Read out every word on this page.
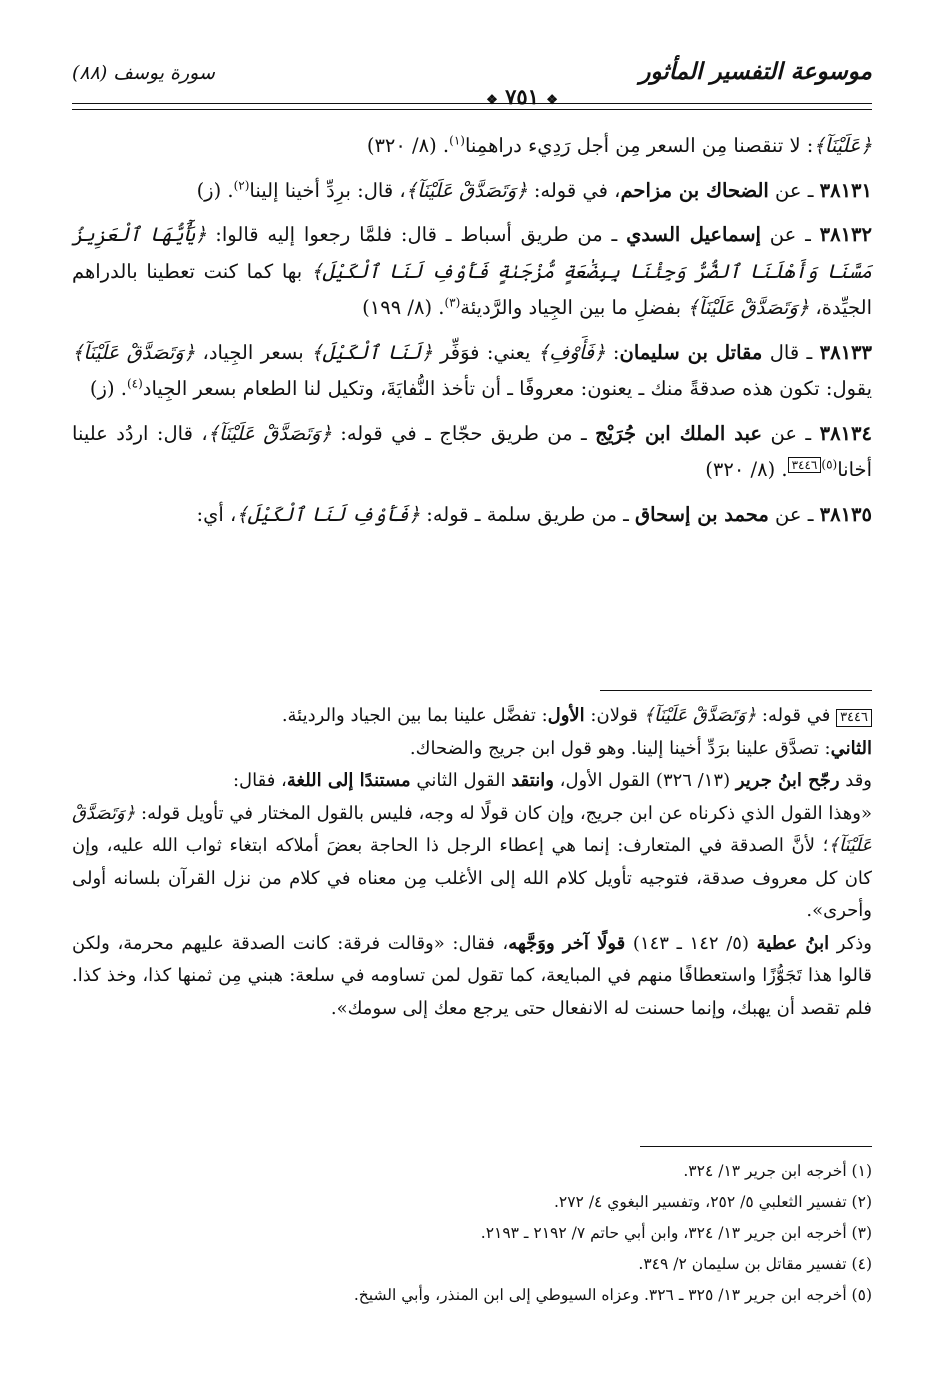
موسوعة التفسير المأثور
سورة يوسف (٨٨)
❖ ٧٥١ ❖

﴿عَلَيْنَآ﴾: لا تنقصنا مِن السعر مِن أجل رَدِيء دراهمِنا$^{(١)}$. (٨/ ٣٢٠)

٣٨١٣١ ـ عن الضحاك بن مزاحم، في قوله: ﴿وَتَصَدَّقْ عَلَيْنَآ﴾، قال: برِدِّ أخينا إلينا$^{(٢)}$. (ز)

٣٨١٣٢ ـ عن إسماعيل السدي ـ من طريق أسباط ـ قال: فلمَّا رجعوا إليه قالوا: ﴿يَٰٓأَيُّهَا ٱلْعَزِيزُ مَسَّنَا وَأَهْلَنَا ٱلضُّرُّ وَجِئْنَا بِبِضَٰعَةٍ مُّزْجَىٰةٍ فَأَوْفِ لَنَا ٱلْكَيْلَ﴾ بها كما كنت تعطينا بالدراهم الجيِّدة، ﴿وَتَصَدَّقْ عَلَيْنَآ﴾ بفضلِ ما بين الجِياد والرَّديئة$^{(٣)}$. (٨/ ١٩٩)

٣٨١٣٣ ـ قال مقاتل بن سليمان: ﴿فَأَوْفِ﴾ يعني: فوَفِّر ﴿لَنَا ٱلْكَيْلَ﴾ بسعر الجِياد، ﴿وَتَصَدَّقْ عَلَيْنَآ﴾ يقول: تكون هذه صدقةً منك ـ يعنون: معروفًا ـ أن تأخذ النُّفايَةَ، وتكيل لنا الطعام بسعر الجِياد$^{(٤)}$. (ز)

٣٨١٣٤ ـ عن عبد الملك ابن جُرَيْج ـ من طريق حجّاج ـ في قوله: ﴿وَتَصَدَّقْ عَلَيْنَآ﴾، قال: اردُد علينا أخانا$^{(٥)}$٣٤٤٦. (٨/ ٣٢٠)

٣٨١٣٥ ـ عن محمد بن إسحاق ـ من طريق سلمة ـ قوله: ﴿فَأَوْفِ لَنَا ٱلْكَيْلَ﴾، أي:

٣٤٤٦ في قوله: ﴿وَتَصَدَّقْ عَلَيْنَآ﴾ قولان: الأول: تفضَّل علينا بما بين الجياد والرديئة.

الثاني: تصدَّق علينا برَدِّ أخينا إلينا. وهو قول ابن جريج والضحاك.

وقد رجّح ابنُ جرير (١٣/ ٣٢٦) القول الأول، وانتقد القول الثاني مستندًا إلى اللغة، فقال:

«وهذا القول الذي ذكرناه عن ابن جريج، وإن كان قولًا له وجه، فليس بالقول المختار في تأويل قوله: ﴿وَتَصَدَّقْ عَلَيْنَآ﴾؛ لأنَّ الصدقة في المتعارف: إنما هي إعطاء الرجل ذا الحاجة بعضَ أملاكه ابتغاء ثواب الله عليه، وإن كان كل معروف صدقة، فتوجيه تأويل كلام الله إلى الأغلب مِن معناه في كلام من نزل القرآن بلسانه أولى وأحرى».

وذكر ابنُ عطية (٥/ ١٤٢ ـ ١٤٣) قولًا آخر ووَجَّهه، فقال: «وقالت فرقة: كانت الصدقة عليهم محرمة، ولكن قالوا هذا تَجَوُّزًا واستعطافًا منهم في المبايعة، كما تقول لمن تساومه في سلعة: هبني مِن ثمنها كذا، وخذ كذا. فلم تقصد أن يهبك، وإنما حسنت له الانفعال حتى يرجع معك إلى سومك».

(١) أخرجه ابن جرير ١٣/ ٣٢٤.

(٢) تفسير الثعلبي ٥/ ٢٥٢، وتفسير البغوي ٤/ ٢٧٢.

(٣) أخرجه ابن جرير ١٣/ ٣٢٤، وابن أبي حاتم ٧/ ٢١٩٢ ـ ٢١٩٣.

(٤) تفسير مقاتل بن سليمان ٢/ ٣٤٩.

(٥) أخرجه ابن جرير ١٣/ ٣٢٥ ـ ٣٢٦. وعزاه السيوطي إلى ابن المنذر، وأبي الشيخ.
